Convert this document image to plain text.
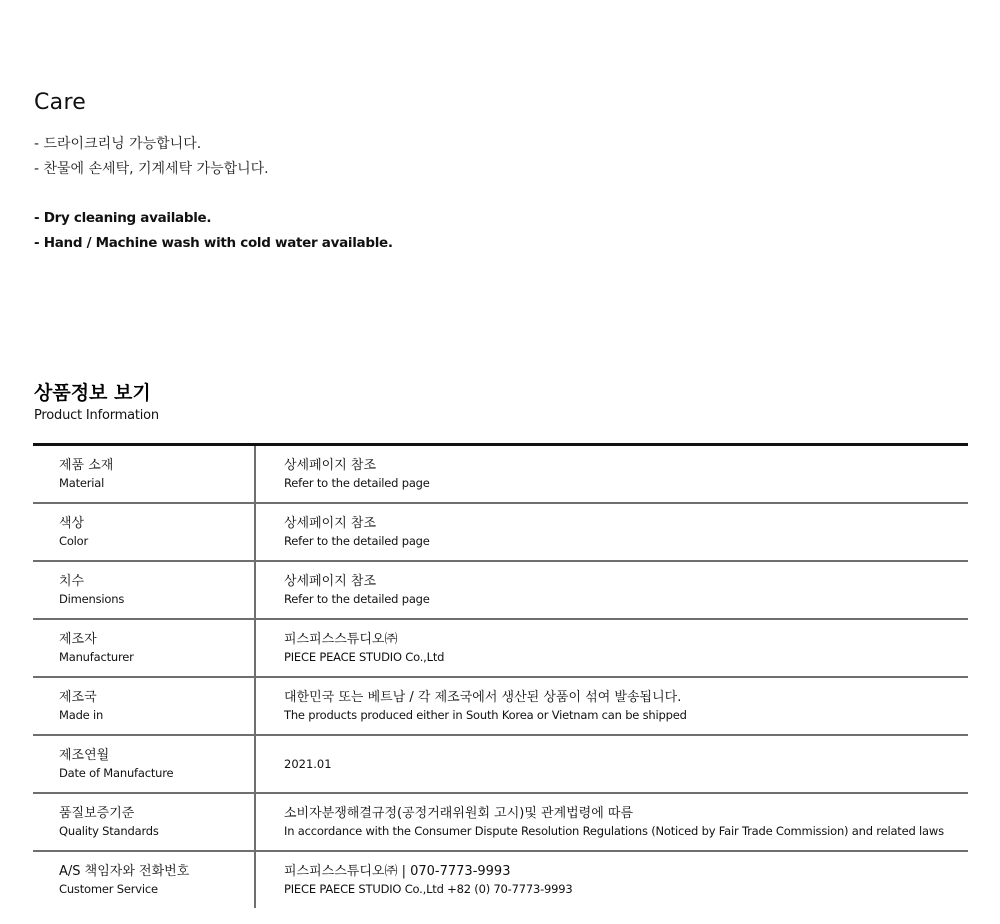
Care
- 드라이크리닝 가능합니다.
- 찬물에 손세탁, 기계세탁 가능합니다.
- Dry cleaning available.
- Hand / Machine wash with cold water available.
상품정보 보기
Product Information
제품 소재
Material
상세페이지 참조
Refer to the detailed page
색상
Color
상세페이지 참조
Refer to the detailed page
치수
Dimensions
상세페이지 참조
Refer to the detailed page
제조자
Manufacturer
피스피스스튜디오㈜
PIECE PEACE STUDIO Co.,Ltd
제조국
Made in
대한민국 또는 베트남 / 각 제조국에서 생산된 상품이 섞여 발송됩니다.
The products produced either in South Korea or Vietnam can be shipped
제조연월
Date of Manufacture
2021.01
품질보증기준
Quality Standards
소비자분쟁해결규정(공정거래위원회 고시)및 관계법령에 따름
In accordance with the Consumer Dispute Resolution Regulations (Noticed by Fair Trade Commission) and related laws
A/S 책임자와 전화번호
Customer Service
피스피스스튜디오㈜ | 070-7773-9993
PIECE PAECE STUDIO Co.,Ltd +82 (0) 70-7773-9993
